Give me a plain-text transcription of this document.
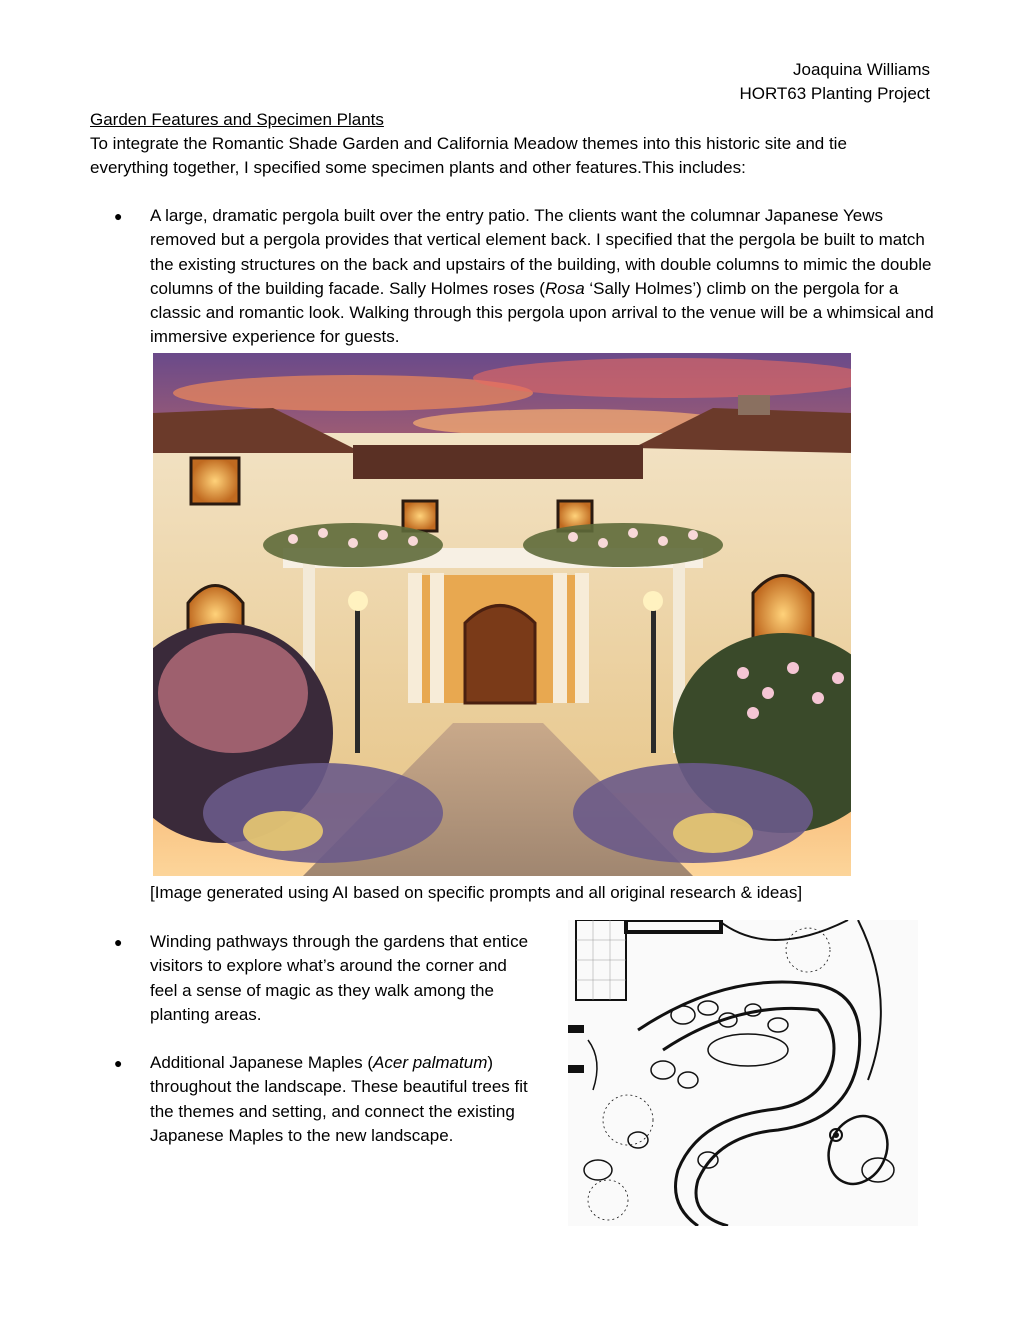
Joaquina Williams
HORT63 Planting Project
Garden Features and Specimen Plants
To integrate the Romantic Shade Garden and California Meadow themes into this historic site and tie everything together, I specified some specimen plants and other features.This includes:
● A large, dramatic pergola built over the entry patio. The clients want the columnar Japanese Yews removed but a pergola provides that vertical element back. I specified that the pergola be built to match the existing structures on the back and upstairs of the building, with double columns to mimic the double columns of the building facade. Sally Holmes roses (Rosa ‘Sally Holmes’) climb on the pergola for a classic and romantic look. Walking through this pergola upon arrival to the venue will be a whimsical and immersive experience for guests.
[Image generated using AI based on specific prompts and all original research & ideas]
● Winding pathways through the gardens that entice visitors to explore what’s around the corner and feel a sense of magic as they walk among the planting areas.
● Additional Japanese Maples (Acer palmatum) throughout the landscape. These beautiful trees fit the themes and setting, and connect the existing Japanese Maples to the new landscape.
